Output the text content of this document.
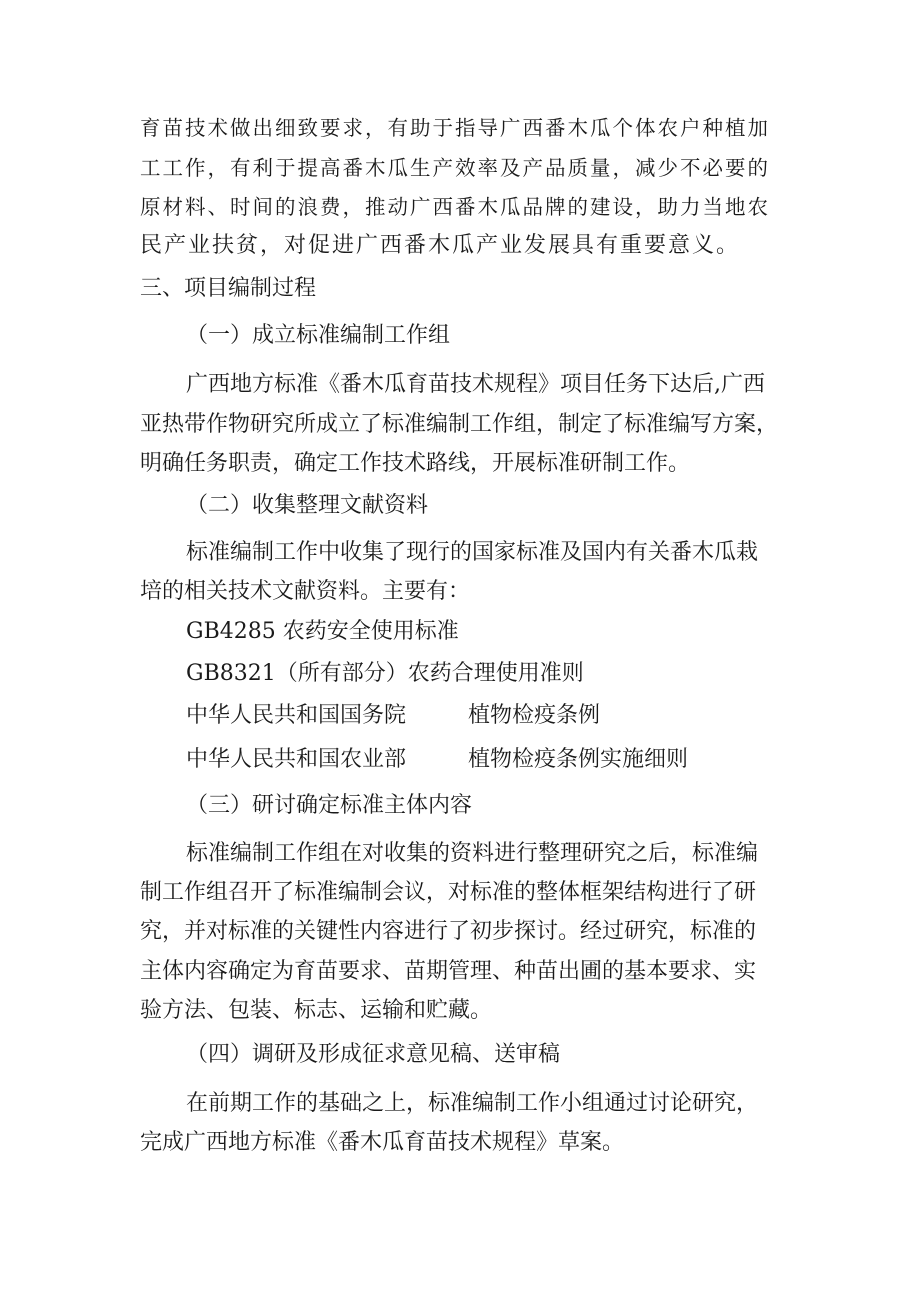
育苗技术做出细致要求，有助于指导广西番木瓜个体农户种植加
工工作，有利于提高番木瓜生产效率及产品质量，减少不必要的
原材料、时间的浪费，推动广西番木瓜品牌的建设，助力当地农
民产业扶贫，对促进广西番木瓜产业发展具有重要意义。
三、项目编制过程
（一）成立标准编制工作组
广西地方标准《番木瓜育苗技术规程》项目任务下达后,广西
亚热带作物研究所成立了标准编制工作组，制定了标准编写方案，
明确任务职责，确定工作技术路线，开展标准研制工作。
（二）收集整理文献资料
标准编制工作中收集了现行的国家标准及国内有关番木瓜栽
培的相关技术文献资料。主要有：
GB4285 农药安全使用标准
GB8321（所有部分）农药合理使用准则
中华人民共和国国务院	植物检疫条例
中华人民共和国农业部	植物检疫条例实施细则
（三）研讨确定标准主体内容
标准编制工作组在对收集的资料进行整理研究之后，标准编
制工作组召开了标准编制会议，对标准的整体框架结构进行了研
究，并对标准的关键性内容进行了初步探讨。经过研究，标准的
主体内容确定为育苗要求、苗期管理、种苗出圃的基本要求、实
验方法、包装、标志、运输和贮藏。
（四）调研及形成征求意见稿、送审稿
在前期工作的基础之上，标准编制工作小组通过讨论研究，
完成广西地方标准《番木瓜育苗技术规程》草案。
